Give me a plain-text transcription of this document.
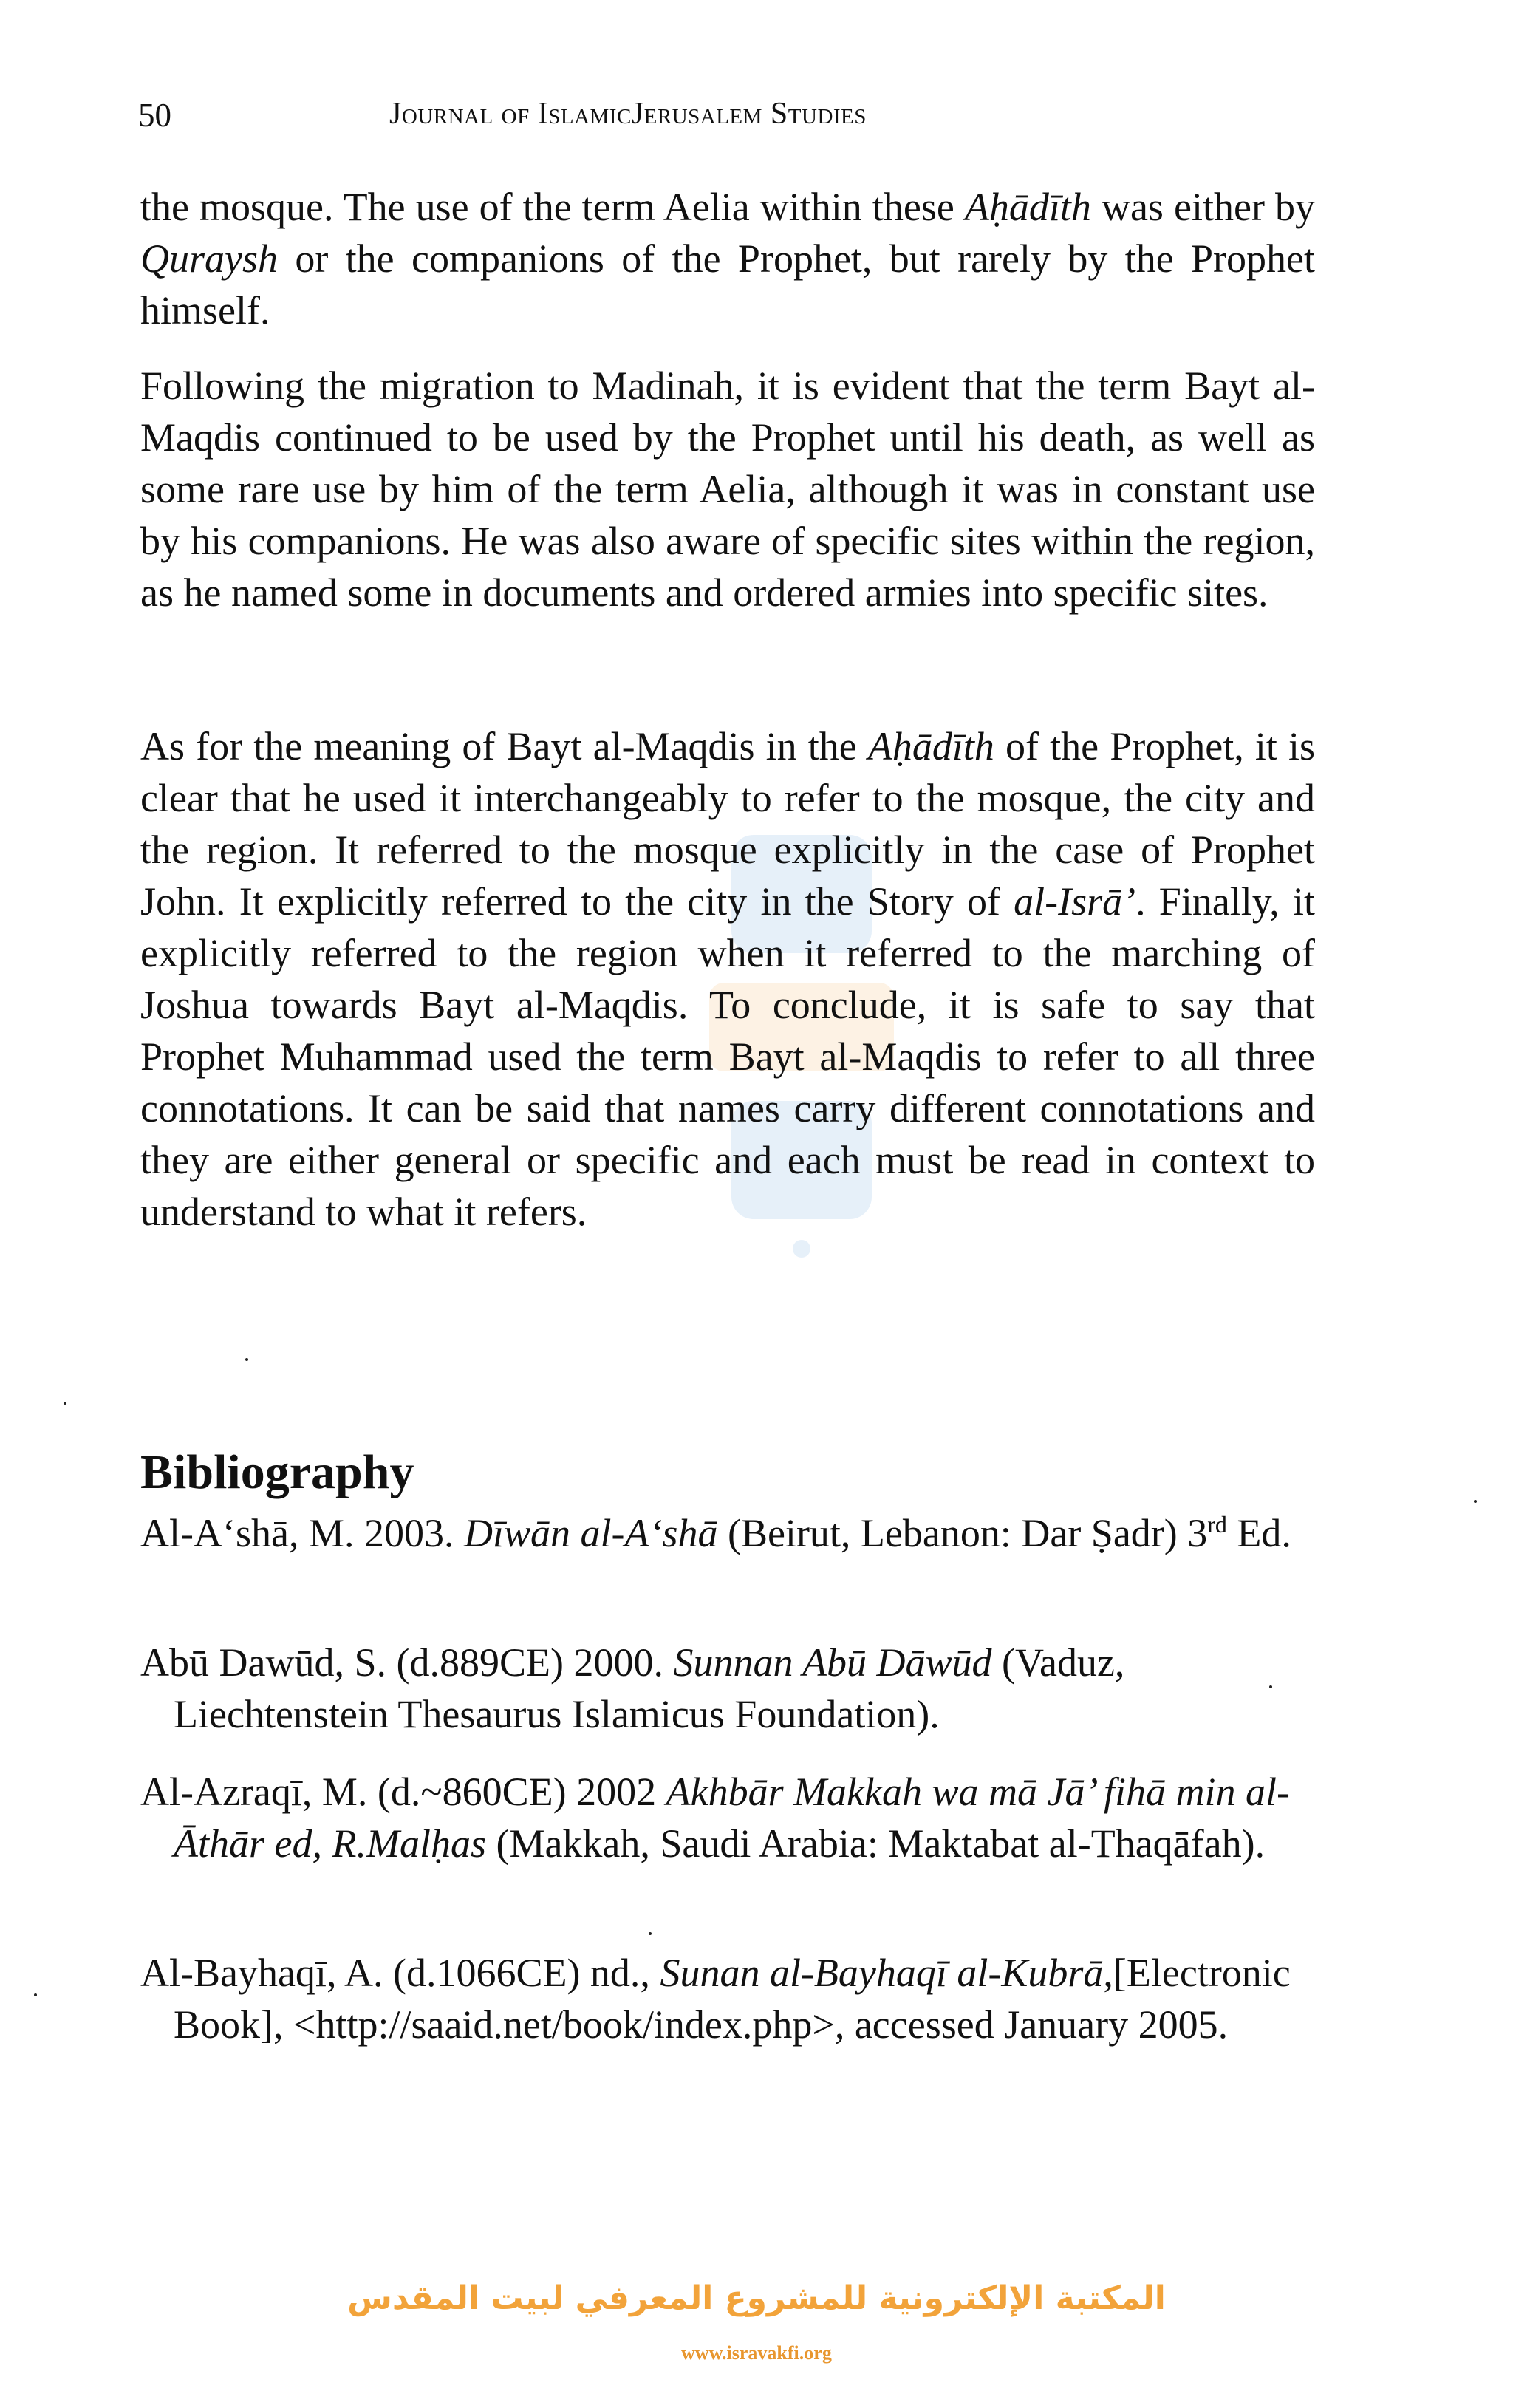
50	Journal of IslamicJerusalem Studies

the mosque. The use of the term Aelia within these Aḥādīth was either by Quraysh or the companions of the Prophet, but rarely by the Prophet himself.

Following the migration to Madinah, it is evident that the term Bayt al-Maqdis continued to be used by the Prophet until his death, as well as some rare use by him of the term Aelia, although it was in constant use by his companions. He was also aware of specific sites within the region, as he named some in documents and ordered armies into specific sites.

As for the meaning of Bayt al-Maqdis in the Aḥādīth of the Prophet, it is clear that he used it interchangeably to refer to the mosque, the city and the region. It referred to the mosque explicitly in the case of Prophet John. It explicitly referred to the city in the Story of al-Isrā’. Finally, it explicitly referred to the region when it referred to the marching of Joshua towards Bayt al-Maqdis. To conclude, it is safe to say that Prophet Muhammad used the term Bayt al-Maqdis to refer to all three connotations. It can be said that names carry different connotations and they are either general or specific and each must be read in context to understand to what it refers.

Bibliography
Al-A‘shā, M. 2003. Dīwān al-A‘shā (Beirut, Lebanon: Dar Ṣadr) 3rd Ed.
Abū Dawūd, S. (d.889CE) 2000. Sunnan Abū Dāwūd (Vaduz, Liechtenstein Thesaurus Islamicus Foundation).
Al-Azraqī, M. (d.~860CE) 2002 Akhbār Makkah wa mā Jā’ fihā min al-Āthār ed, R.Malḥas (Makkah, Saudi Arabia: Maktabat al-Thaqāfah).
Al-Bayhaqī, A. (d.1066CE) nd., Sunan al-Bayhaqī al-Kubrā,[Electronic Book], <http://saaid.net/book/index.php>, accessed January 2005.
المكتبة الإلكترونية للمشروع المعرفي لبيت المقدس
www.isravakfi.org
